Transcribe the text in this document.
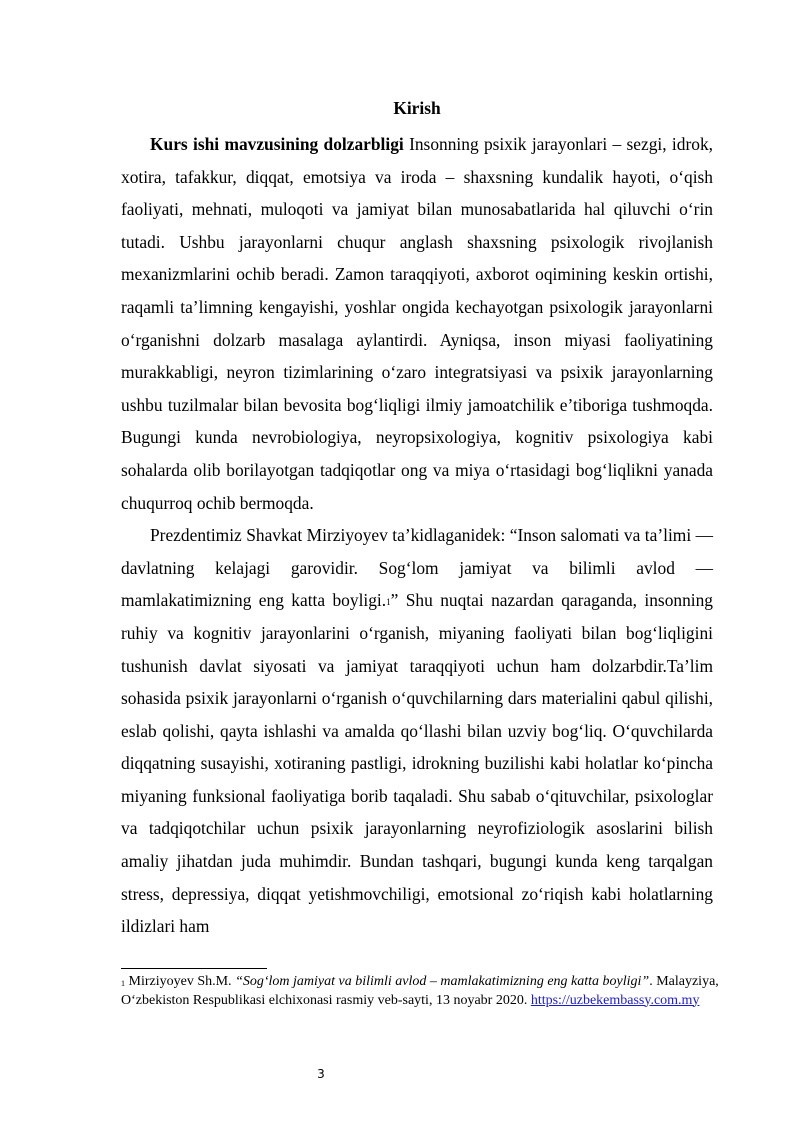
Kirish

Kurs ishi mavzusining dolzarbligi Insonning psixik jarayonlari – sezgi, idrok, xotira, tafakkur, diqqat, emotsiya va iroda – shaxsning kundalik hayoti, o‘qish faoliyati, mehnati, muloqoti va jamiyat bilan munosabatlarida hal qiluvchi o‘rin tutadi. Ushbu jarayonlarni chuqur anglash shaxsning psixologik rivojlanish mexanizmlarini ochib beradi. Zamon taraqqiyoti, axborot oqimining keskin ortishi, raqamli ta’limning kengayishi, yoshlar ongida kechayotgan psixologik jarayonlarni o‘rganishni dolzarb masalaga aylantirdi. Ayniqsa, inson miyasi faoliyatining murakkabligi, neyron tizimlarining o‘zaro integratsiyasi va psixik jarayonlarning ushbu tuzilmalar bilan bevosita bog‘liqligi ilmiy jamoatchilik e’tiboriga tushmoqda. Bugungi kunda nevrobiologiya, neyropsixologiya, kognitiv psixologiya kabi sohalarda olib borilayotgan tadqiqotlar ong va miya o‘rtasidagi bog‘liqlikni yanada chuqurroq ochib bermoqda.

Prezdentimiz Shavkat Mirziyoyev ta’kidlaganidek: “Inson salomati va ta’limi — davlatning kelajagi garovidir. Sog‘lom jamiyat va bilimli avlod — mamlakatimizning eng katta boyligi.$^1$” Shu nuqtai nazardan qaraganda, insonning ruhiy va kognitiv jarayonlarini o‘rganish, miyaning faoliyati bilan bog‘liqligini tushunish davlat siyosati va jamiyat taraqqiyoti uchun ham dolzarbdir.Ta’lim sohasida psixik jarayonlarni o‘rganish o‘quvchilarning dars materialini qabul qilishi, eslab qolishi, qayta ishlashi va amalda qo‘llashi bilan uzviy bog‘liq. O‘quvchilarda diqqatning susayishi, xotiraning pastligi, idrokning buzilishi kabi holatlar ko‘pincha miyaning funksional faoliyatiga borib taqaladi. Shu sabab o‘qituvchilar, psixologlar va tadqiqotchilar uchun psixik jarayonlarning neyrofiziologik asoslarini bilish amaliy jihatdan juda muhimdir. Bundan tashqari, bugungi kunda keng tarqalgan stress, depressiya, diqqat yetishmovchiligi, emotsional zo‘riqish kabi holatlarning ildizlari ham

$^1$ Mirziyoyev Sh.M. “Sog‘lom jamiyat va bilimli avlod – mamlakatimizning eng katta boyligi”. Malayziya, O‘zbekiston Respublikasi elchixonasi rasmiy veb-sayti, 13 noyabr 2020. https://uzbekembassy.com.my

3
